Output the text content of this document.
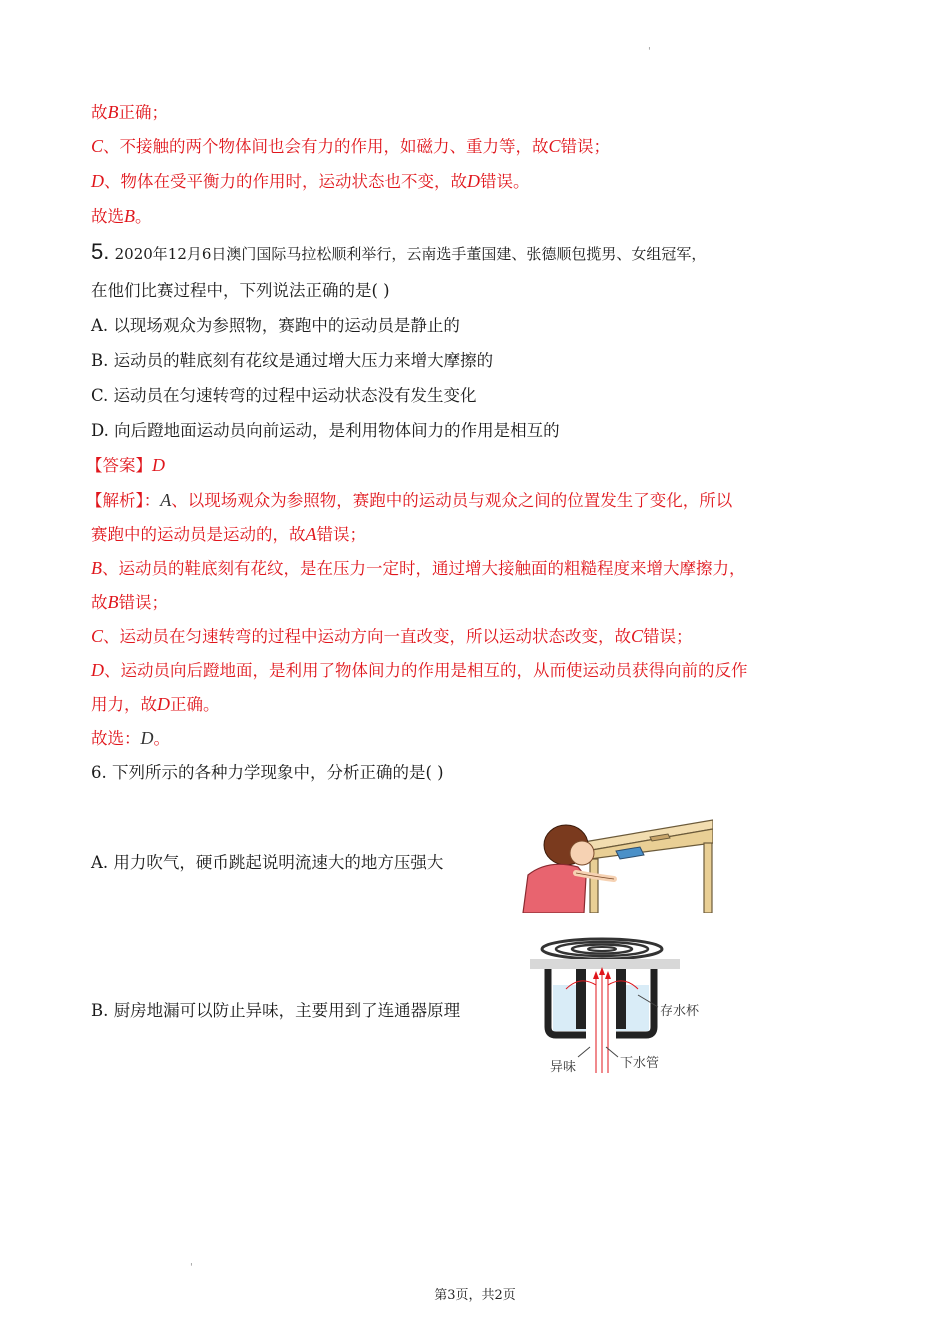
'
故B正确；
C、不接触的两个物体间也会有力的作用，如磁力、重力等，故C错误；
D、物体在受平衡力的作用时，运动状态也不变，故D错误。
故选B。
5. 2020年12月6日澳门国际马拉松顺利举行，云南选手董国建、张德顺包揽男、女组冠军，
在他们比赛过程中，下列说法正确的是( )
A. 以现场观众为参照物，赛跑中的运动员是静止的
B. 运动员的鞋底刻有花纹是通过增大压力来增大摩擦的
C. 运动员在匀速转弯的过程中运动状态没有发生变化
D. 向后蹬地面运动员向前运动，是利用物体间力的作用是相互的
【答案】D
【解析】：A、以现场观众为参照物，赛跑中的运动员与观众之间的位置发生了变化，所以
赛跑中的运动员是运动的，故A错误；
B、运动员的鞋底刻有花纹，是在压力一定时，通过增大接触面的粗糙程度来增大摩擦力，
故B错误；
C、运动员在匀速转弯的过程中运动方向一直改变，所以运动状态改变，故C错误；
D、运动员向后蹬地面，是利用了物体间力的作用是相互的，从而使运动员获得向前的反作
用力，故D正确。
故选：D。
6. 下列所示的各种力学现象中，分析正确的是( )
A. 用力吹气，硬币跳起说明流速大的地方压强大
B. 厨房地漏可以防止异味，主要用到了连通器原理	存水杯
异味	下水管
'
第3页，共2页
